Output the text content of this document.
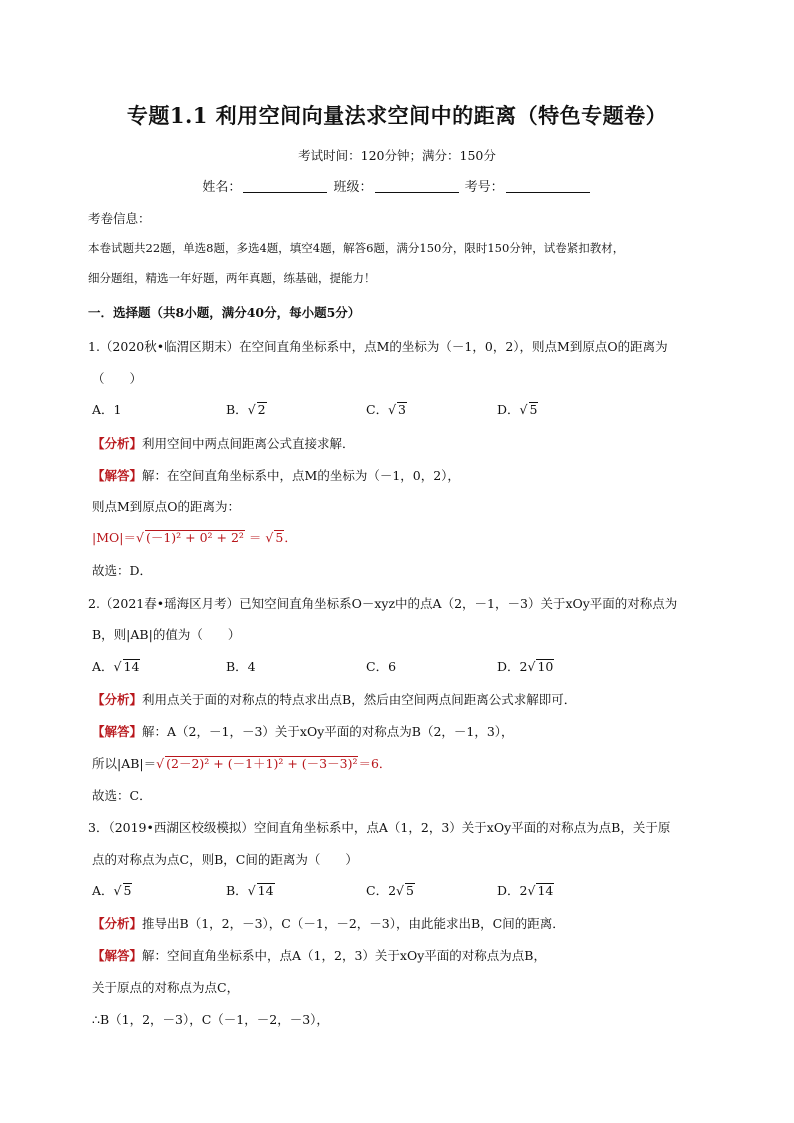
专题1.1 利用空间向量法求空间中的距离（特色专题卷）
考试时间：120分钟；满分：150分
姓名：	班级：	考号：
考卷信息：
本卷试题共22题，单选8题，多选4题，填空4题，解答6题，满分150分，限时150分钟，试卷紧扣教材，
细分题组，精选一年好题，两年真题，练基础，提能力！
一．选择题（共8小题，满分40分，每小题5分）
1.（2020秋•临渭区期末）在空间直角坐标系中，点M的坐标为（－1，0，2），则点M到原点O的距离为
（　　）
A．1	B．√ 2	C．√ 3	D．√ 5
【分析】利用空间中两点间距离公式直接求解．
【解答】解：在空间直角坐标系中，点M的坐标为（－1，0，2），
则点M到原点O的距离为：
|MO|＝√ (－1)² + 0² + 2² ＝ √ 5．
故选：D．
2.（2021春•瑶海区月考）已知空间直角坐标系O－xyz中的点A（2，－1，－3）关于xOy平面的对称点为
B，则|AB|的值为（　　）
A．√ 14	B．4	C．6	D．2√ 10
【分析】利用点关于面的对称点的特点求出点B，然后由空间两点间距离公式求解即可．
【解答】解：A（2，－1，－3）关于xOy平面的对称点为B（2，－1，3），
所以|AB|＝√ (2－2)² + (－1＋1)² + (－3－3)²＝6．
故选：C．
3．（2019•西湖区校级模拟）空间直角坐标系中，点A（1，2，3）关于xOy平面的对称点为点B，关于原
点的对称点为点C，则B，C间的距离为（　　）
A．√ 5	B．√ 14	C．2√ 5	D．2√ 14
【分析】推导出B（1，2，－3），C（－1，－2，－3），由此能求出B，C间的距离．
【解答】解：空间直角坐标系中，点A（1，2，3）关于xOy平面的对称点为点B，
关于原点的对称点为点C，
∴B（1，2，－3），C（－1，－2，－3），
